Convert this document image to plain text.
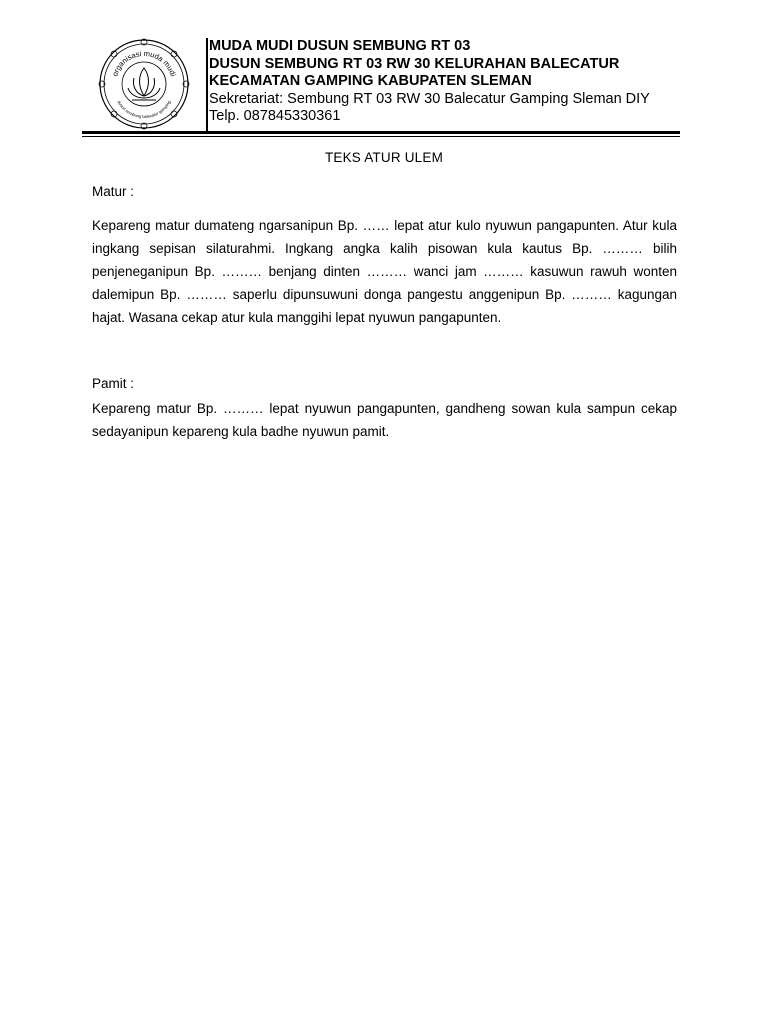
organisasi muda mudi
dusun sembung balecatur gamping
MUDA MUDI DUSUN SEMBUNG RT 03
DUSUN SEMBUNG RT 03 RW 30 KELURAHAN BALECATUR
KECAMATAN GAMPING KABUPATEN SLEMAN
Sekretariat: Sembung RT 03 RW 30 Balecatur Gamping Sleman DIY
Telp. 087845330361
TEKS ATUR ULEM
Matur :
Kepareng matur dumateng ngarsanipun Bp. …… lepat atur kulo nyuwun pangapunten. Atur kula ingkang sepisan silaturahmi. Ingkang angka kalih pisowan kula kautus Bp. ……… bilih penjeneganipun Bp. ……… benjang dinten ……… wanci jam ……… kasuwun rawuh wonten dalemipun Bp. ……… saperlu dipunsuwuni donga pangestu anggenipun Bp. ……… kagungan hajat. Wasana cekap atur kula manggihi lepat nyuwun pangapunten.
Pamit :
Kepareng matur Bp. ……… lepat nyuwun pangapunten, gandheng sowan kula sampun cekap sedayanipun kepareng kula badhe nyuwun pamit.
